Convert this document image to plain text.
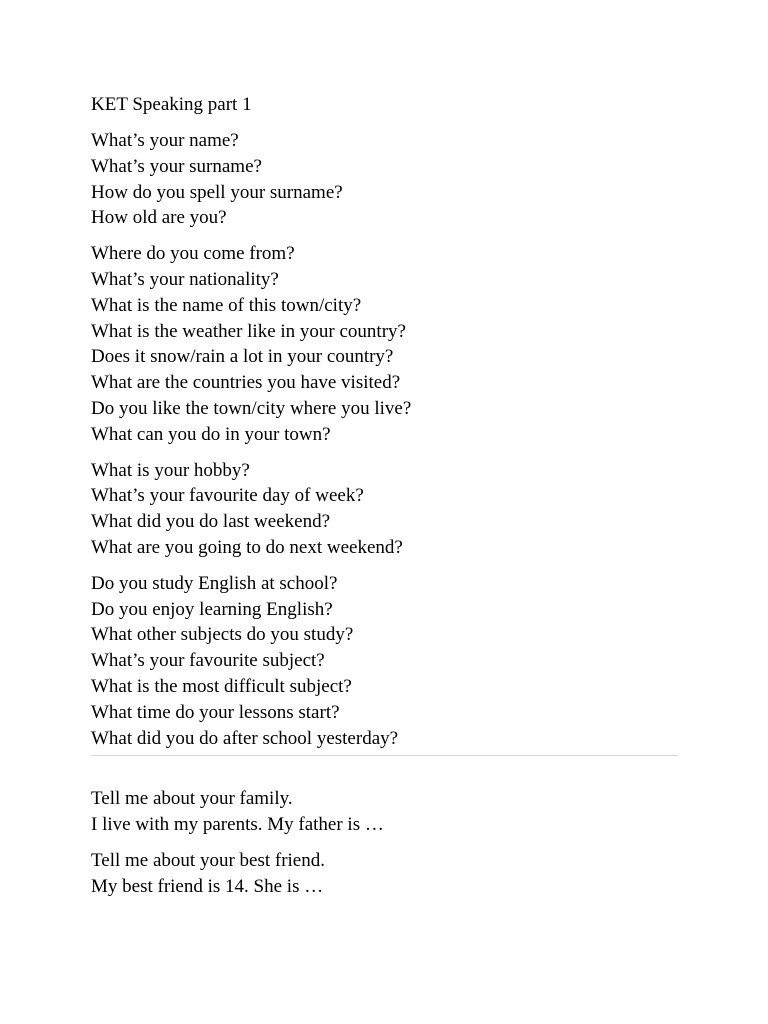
KET Speaking part 1
What’s your name?
What’s your surname?
How do you spell your surname?
How old are you?
Where do you come from?
What’s your nationality?
What is the name of this town/city?
What is the weather like in your country?
Does it snow/rain a lot in your country?
What are the countries you have visited?
Do you like the town/city where you live?
What can you do in your town?
What is your hobby?
What’s your favourite day of week?
What did you do last weekend?
What are you going to do next weekend?
Do you study English at school?
Do you enjoy learning English?
What other subjects do you study?
What’s your favourite subject?
What is the most difficult subject?
What time do your lessons start?
What did you do after school yesterday?
Tell me about your family.
I live with my parents. My father is …
Tell me about your best friend.
My best friend is 14. She is …
